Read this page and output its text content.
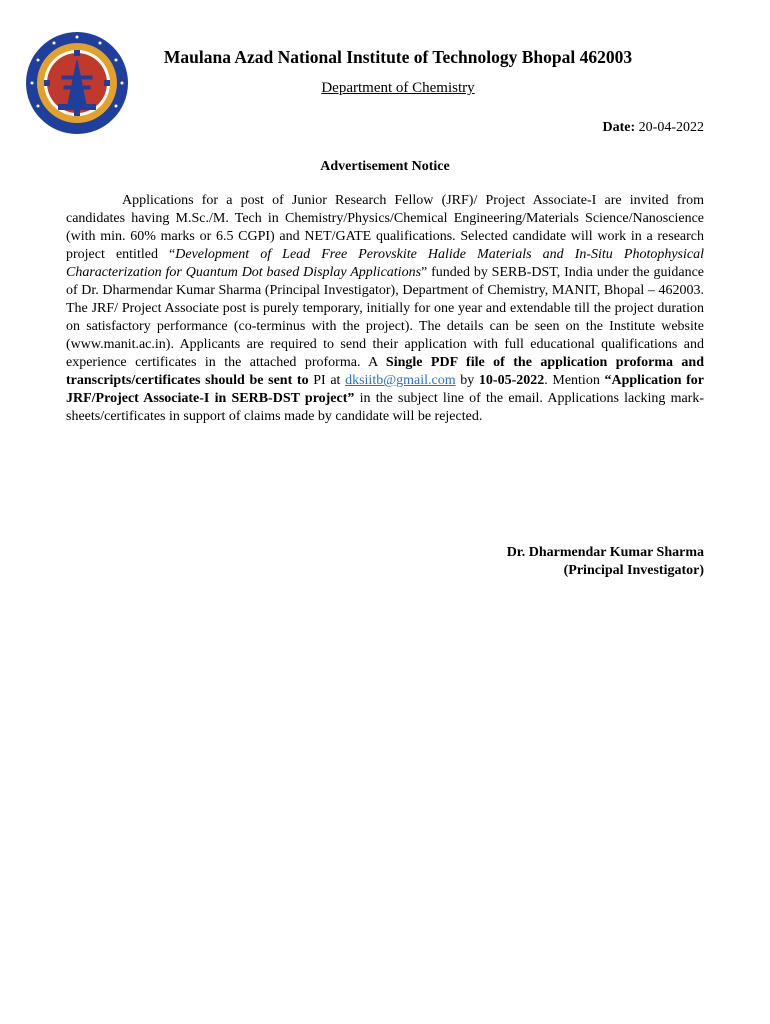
Maulana Azad National Institute of Technology Bhopal 462003
Department of Chemistry
Date: 20-04-2022
Advertisement Notice

Applications for a post of Junior Research Fellow (JRF)/ Project Associate-I are invited from candidates having M.Sc./M. Tech in Chemistry/Physics/Chemical Engineering/Materials Science/Nanoscience (with min. 60% marks or 6.5 CGPI) and NET/GATE qualifications. Selected candidate will work in a research project entitled “Development of Lead Free Perovskite Halide Materials and In-Situ Photophysical Characterization for Quantum Dot based Display Applications” funded by SERB-DST, India under the guidance of Dr. Dharmendar Kumar Sharma (Principal Investigator), Department of Chemistry, MANIT, Bhopal – 462003. The JRF/ Project Associate post is purely temporary, initially for one year and extendable till the project duration on satisfactory performance (co-terminus with the project). The details can be seen on the Institute website (www.manit.ac.in). Applicants are required to send their application with full educational qualifications and experience certificates in the attached proforma. A Single PDF file of the application proforma and transcripts/certificates should be sent to PI at dksiitb@gmail.com by 10-05-2022. Mention “Application for JRF/Project Associate-I in SERB-DST project” in the subject line of the email. Applications lacking mark-sheets/certificates in support of claims made by candidate will be rejected.

Dr. Dharmendar Kumar Sharma
(Principal Investigator)
